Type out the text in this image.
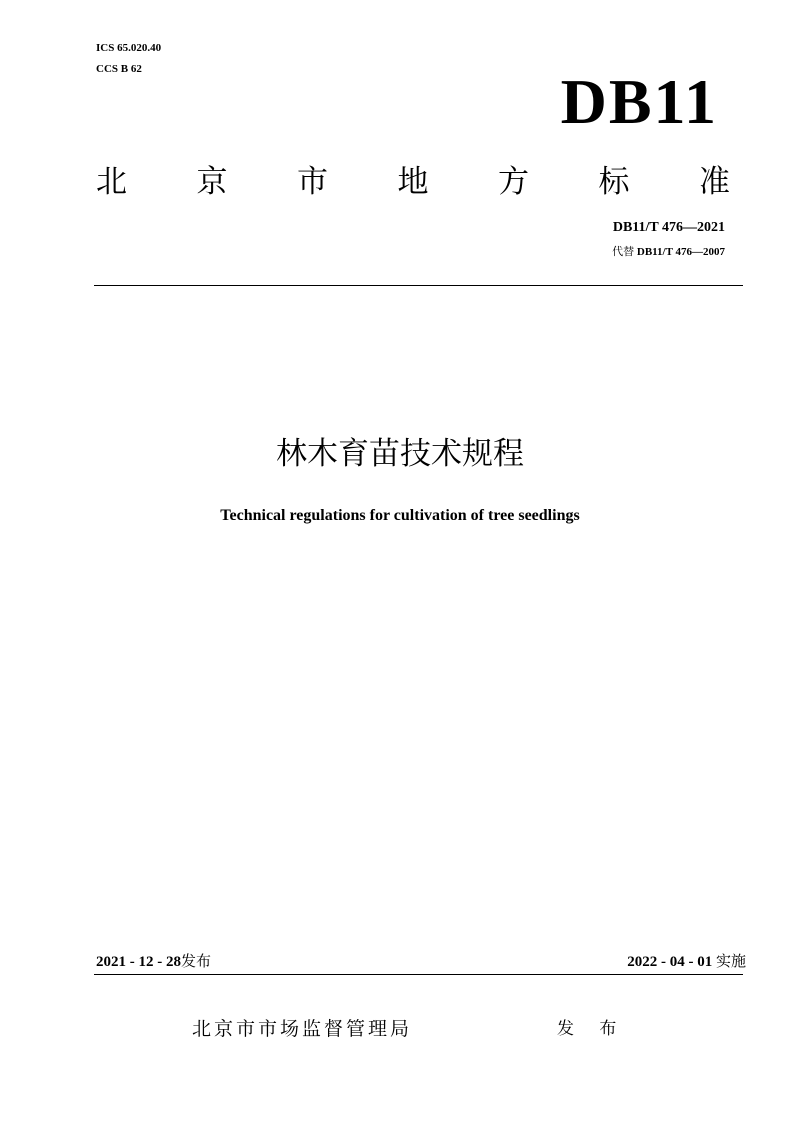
ICS 65.020.40
CCS B 62	DB11
北 京 市 地 方 标 准
DB11/T 476—2021
代替 DB11/T 476—2007
林木育苗技术规程
Technical regulations for cultivation of tree seedlings
2021 - 12 - 28发布	2022 - 04 - 01 实施
北京市市场监督管理局	发 布
